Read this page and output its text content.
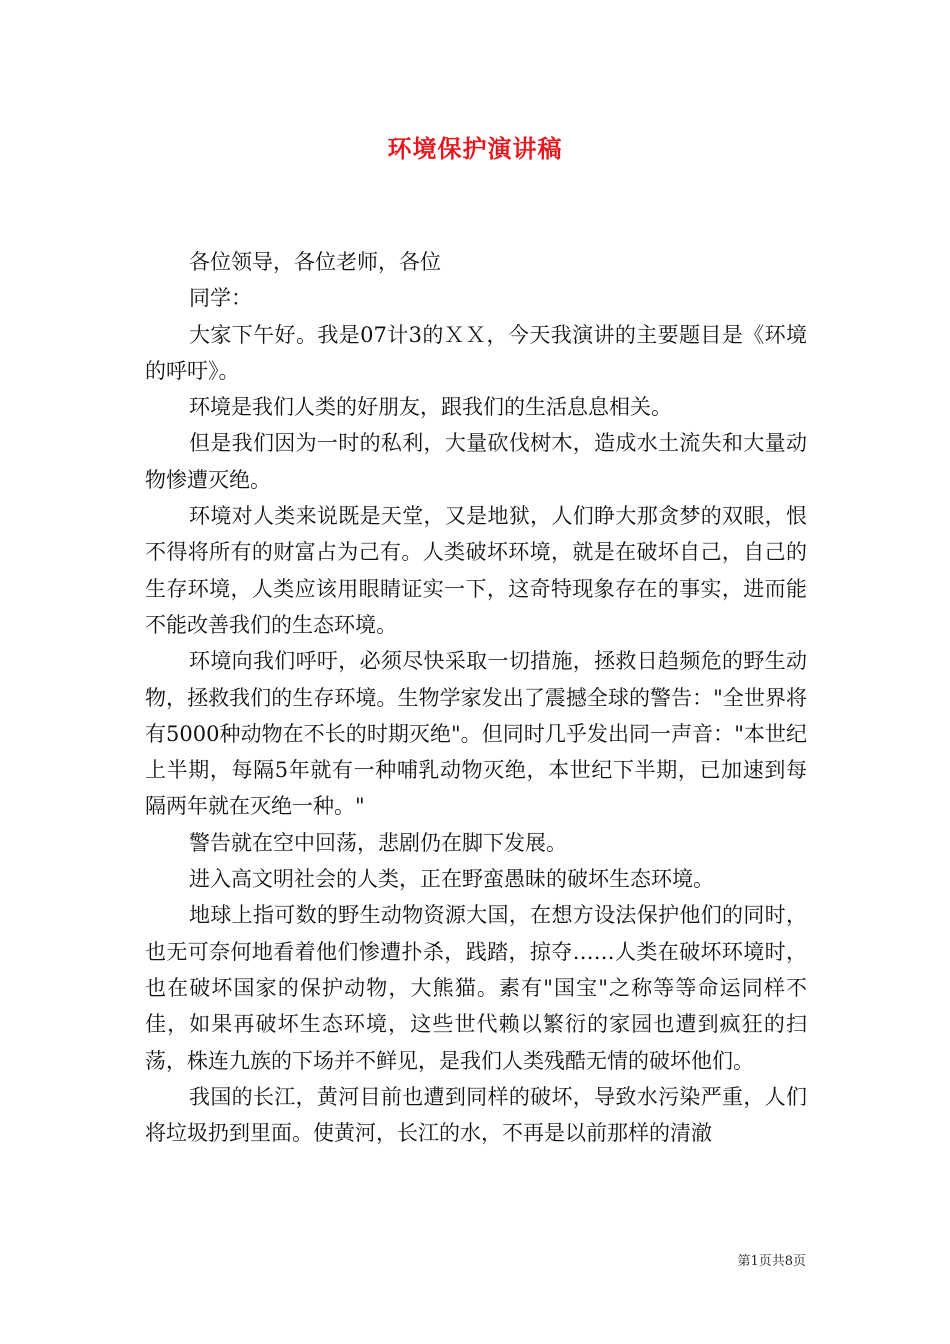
环境保护演讲稿

各位领导，各位老师，各位

同学：

大家下午好。我是07计3的ＸＸ，今天我演讲的主要题目是《环境的呼吁》。

环境是我们人类的好朋友，跟我们的生活息息相关。

但是我们因为一时的私利，大量砍伐树木，造成水土流失和大量动物惨遭灭绝。

环境对人类来说既是天堂，又是地狱，人们睁大那贪梦的双眼，恨不得将所有的财富占为己有。人类破坏环境，就是在破坏自己，自己的生存环境，人类应该用眼睛证实一下，这奇特现象存在的事实，进而能不能改善我们的生态环境。

环境向我们呼吁，必须尽快采取一切措施，拯救日趋频危的野生动物，拯救我们的生存环境。生物学家发出了震撼全球的警告："全世界将有5000种动物在不长的时期灭绝"。但同时几乎发出同一声音："本世纪上半期，每隔5年就有一种哺乳动物灭绝，本世纪下半期，已加速到每隔两年就在灭绝一种。"

警告就在空中回荡，悲剧仍在脚下发展。

进入高文明社会的人类，正在野蛮愚昧的破坏生态环境。

地球上指可数的野生动物资源大国，在想方设法保护他们的同时，也无可奈何地看着他们惨遭扑杀，践踏，掠夺……人类在破坏环境时，也在破坏国家的保护动物，大熊猫。素有"国宝"之称等等命运同样不佳，如果再破坏生态环境，这些世代赖以繁衍的家园也遭到疯狂的扫荡，株连九族的下场并不鲜见，是我们人类残酷无情的破坏他们。

我国的长江，黄河目前也遭到同样的破坏，导致水污染严重，人们将垃圾扔到里面。使黄河，长江的水，不再是以前那样的清澈

第1页共8页
